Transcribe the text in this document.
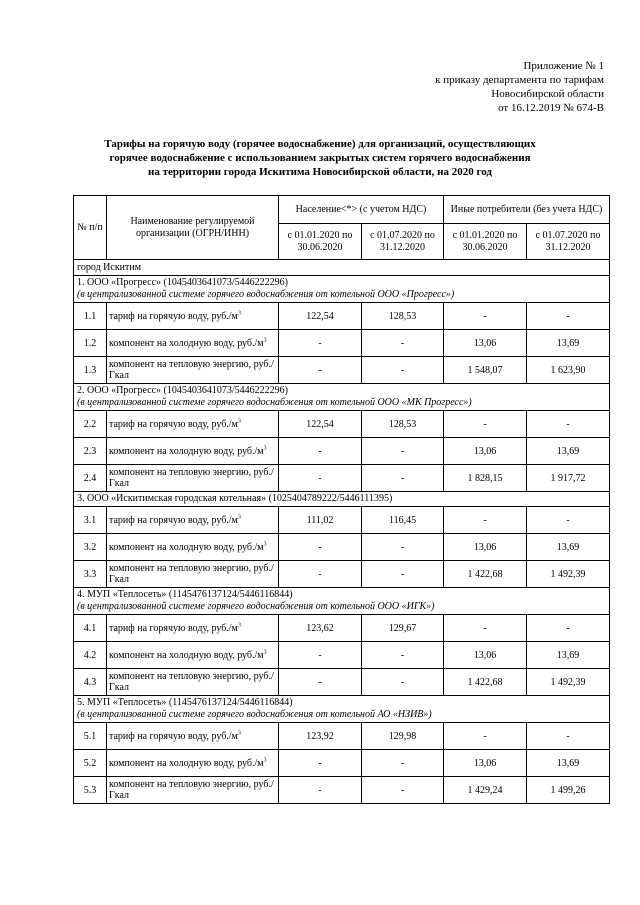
Приложение № 1
к приказу департамента по тарифам
Новосибирской области
от 16.12.2019 № 674-В
Тарифы на горячую воду (горячее водоснабжение) для организаций, осуществляющих
горячее водоснабжение с использованием закрытых систем горячего водоснабжения
на территории города Искитима Новосибирской области, на 2020 год
№ п/п	Наименование регулируемой организации (ОГРН/ИНН)	Население<*> (с учетом НДС)		Иные потребители (без учета НДС)	
		с 01.01.2020 по 30.06.2020	с 01.07.2020 по 31.12.2020	с 01.01.2020 по 30.06.2020	с 01.07.2020 по 31.12.2020
город Искитим					
1. ООО «Прогресс» (1045403641073/5446222296)
(в централизованной системе горячего водоснабжения от котельной ООО «Прогресс»)					

1.1	тариф на горячую воду, $руб./м^3$	122,54	128,53	-	-
1.2	компонент на холодную воду, $руб./м^3$	-	-	13,06	13,69
1.3	компонент на тепловую энергию, руб./Гкал	-	-	1 548,07	1 623,90
2. ООО «Прогресс» (1045403641073/5446222296)
(в централизованной системе горячего водоснабжения от котельной ООО «МК Прогресс»)					

2.2	тариф на горячую воду, $руб./м^3$	122,54	128,53	-	-
2.3	компонент на холодную воду, $руб./м^3$	-	-	13,06	13,69
2.4	компонент на тепловую энергию, руб./Гкал	-	-	1 828,15	1 917,72
3. ООО «Искитимская городская котельная» (1025404789222/5446111395)					
3.1	тариф на горячую воду, $руб./м^3$	111,02	116,45	-	-
3.2	компонент на холодную воду, $руб./м^3$	-	-	13,06	13,69
3.3	компонент на тепловую энергию, руб./Гкал	-	-	1 422,68	1 492,39
4. МУП «Теплосеть» (1145476137124/5446116844)
(в централизованной системе горячего водоснабжения от котельной ООО «ИГК»)					

4.1	тариф на горячую воду, $руб./м^3$	123,62	129,67	-	-
4.2	компонент на холодную воду, $руб./м^3$	-	-	13,06	13,69
4.3	компонент на тепловую энергию, руб./Гкал	-	-	1 422,68	1 492,39
5. МУП «Теплосеть» (1145476137124/5446116844)
(в централизованной системе горячего водоснабжения от котельной АО «НЗИВ»)					

5.1	тариф на горячую воду, $руб./м^3$	123,92	129,98	-	-
5.2	компонент на холодную воду, $руб./м^3$	-	-	13,06	13,69
5.3	компонент на тепловую энергию, руб./Гкал	-	-	1 429,24	1 499,26
